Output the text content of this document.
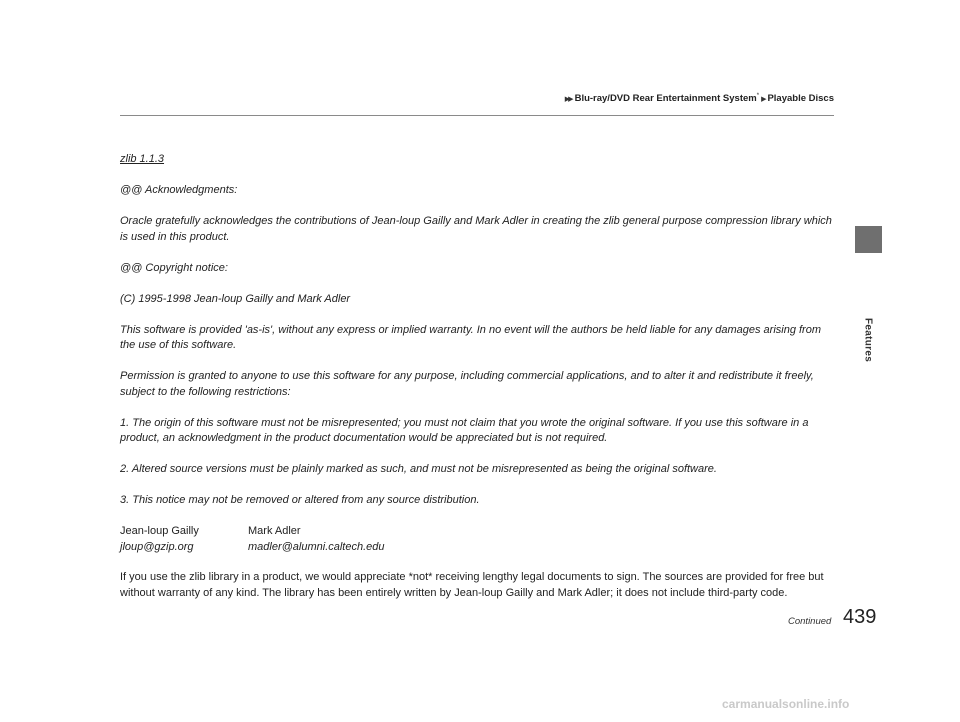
▶▶ Blu-ray/DVD Rear Entertainment System*▶Playable Discs
Features

zlib 1.1.3

@@ Acknowledgments:

Oracle gratefully acknowledges the contributions of Jean-loup Gailly and Mark Adler in creating the zlib general purpose compression library which is used in this product.

@@ Copyright notice:

(C) 1995-1998 Jean-loup Gailly and Mark Adler

This software is provided 'as-is', without any express or implied warranty. In no event will the authors be held liable for any damages arising from the use of this software.

Permission is granted to anyone to use this software for any purpose, including commercial applications, and to alter it and redistribute it freely, subject to the following restrictions:

1. The origin of this software must not be misrepresented; you must not claim that you wrote the original software. If you use this software in a product, an acknowledgment in the product documentation would be appreciated but is not required.

2. Altered source versions must be plainly marked as such, and must not be misrepresented as being the original software.

3. This notice may not be removed or altered from any source distribution.

Jean-loup Gailly	Mark Adler
jloup@gzip.org	madler@alumni.caltech.edu

If you use the zlib library in a product, we would appreciate *not* receiving lengthy legal documents to sign. The sources are provided for free but without warranty of any kind. The library has been entirely written by Jean-loup Gailly and Mark Adler; it does not include third-party code.

Continued 439
carmanualsonline.info
